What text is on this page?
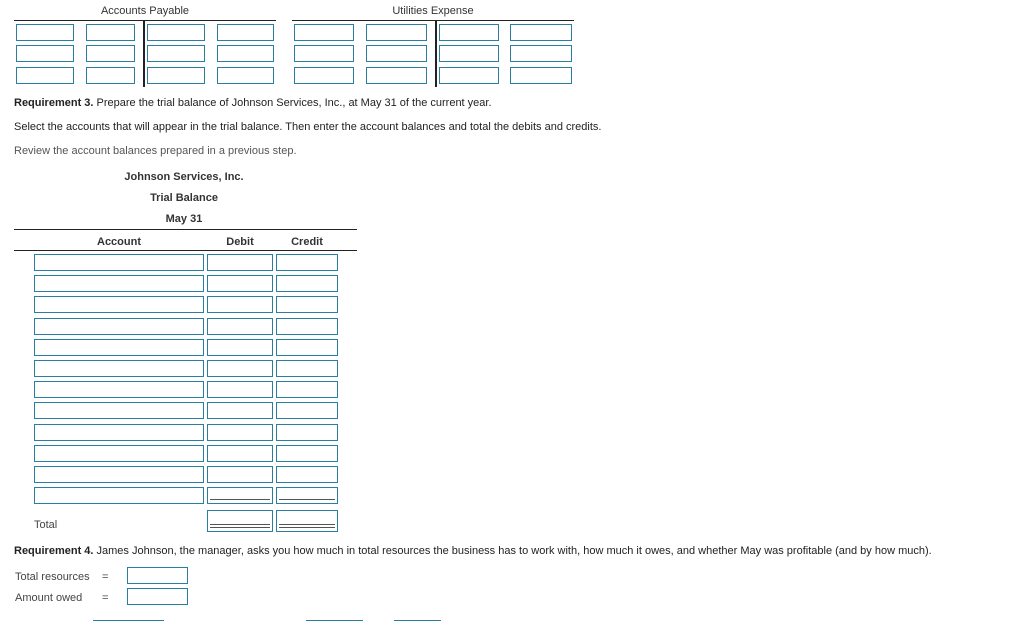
Accounts Payable	Utilities Expense
Requirement 3. Prepare the trial balance of Johnson Services, Inc., at May 31 of the current year.
Select the accounts that will appear in the trial balance. Then enter the account balances and total the debits and credits.
Review the account balances prepared in a previous step.
Johnson Services, Inc.
Trial Balance
May 31
Account	Debit	Credit
Total
Requirement 4. James Johnson, the manager, asks you how much in total resources the business has to work with, how much it owes, and whether May was profitable (and by how much).
Total resources =
Amount owed =
